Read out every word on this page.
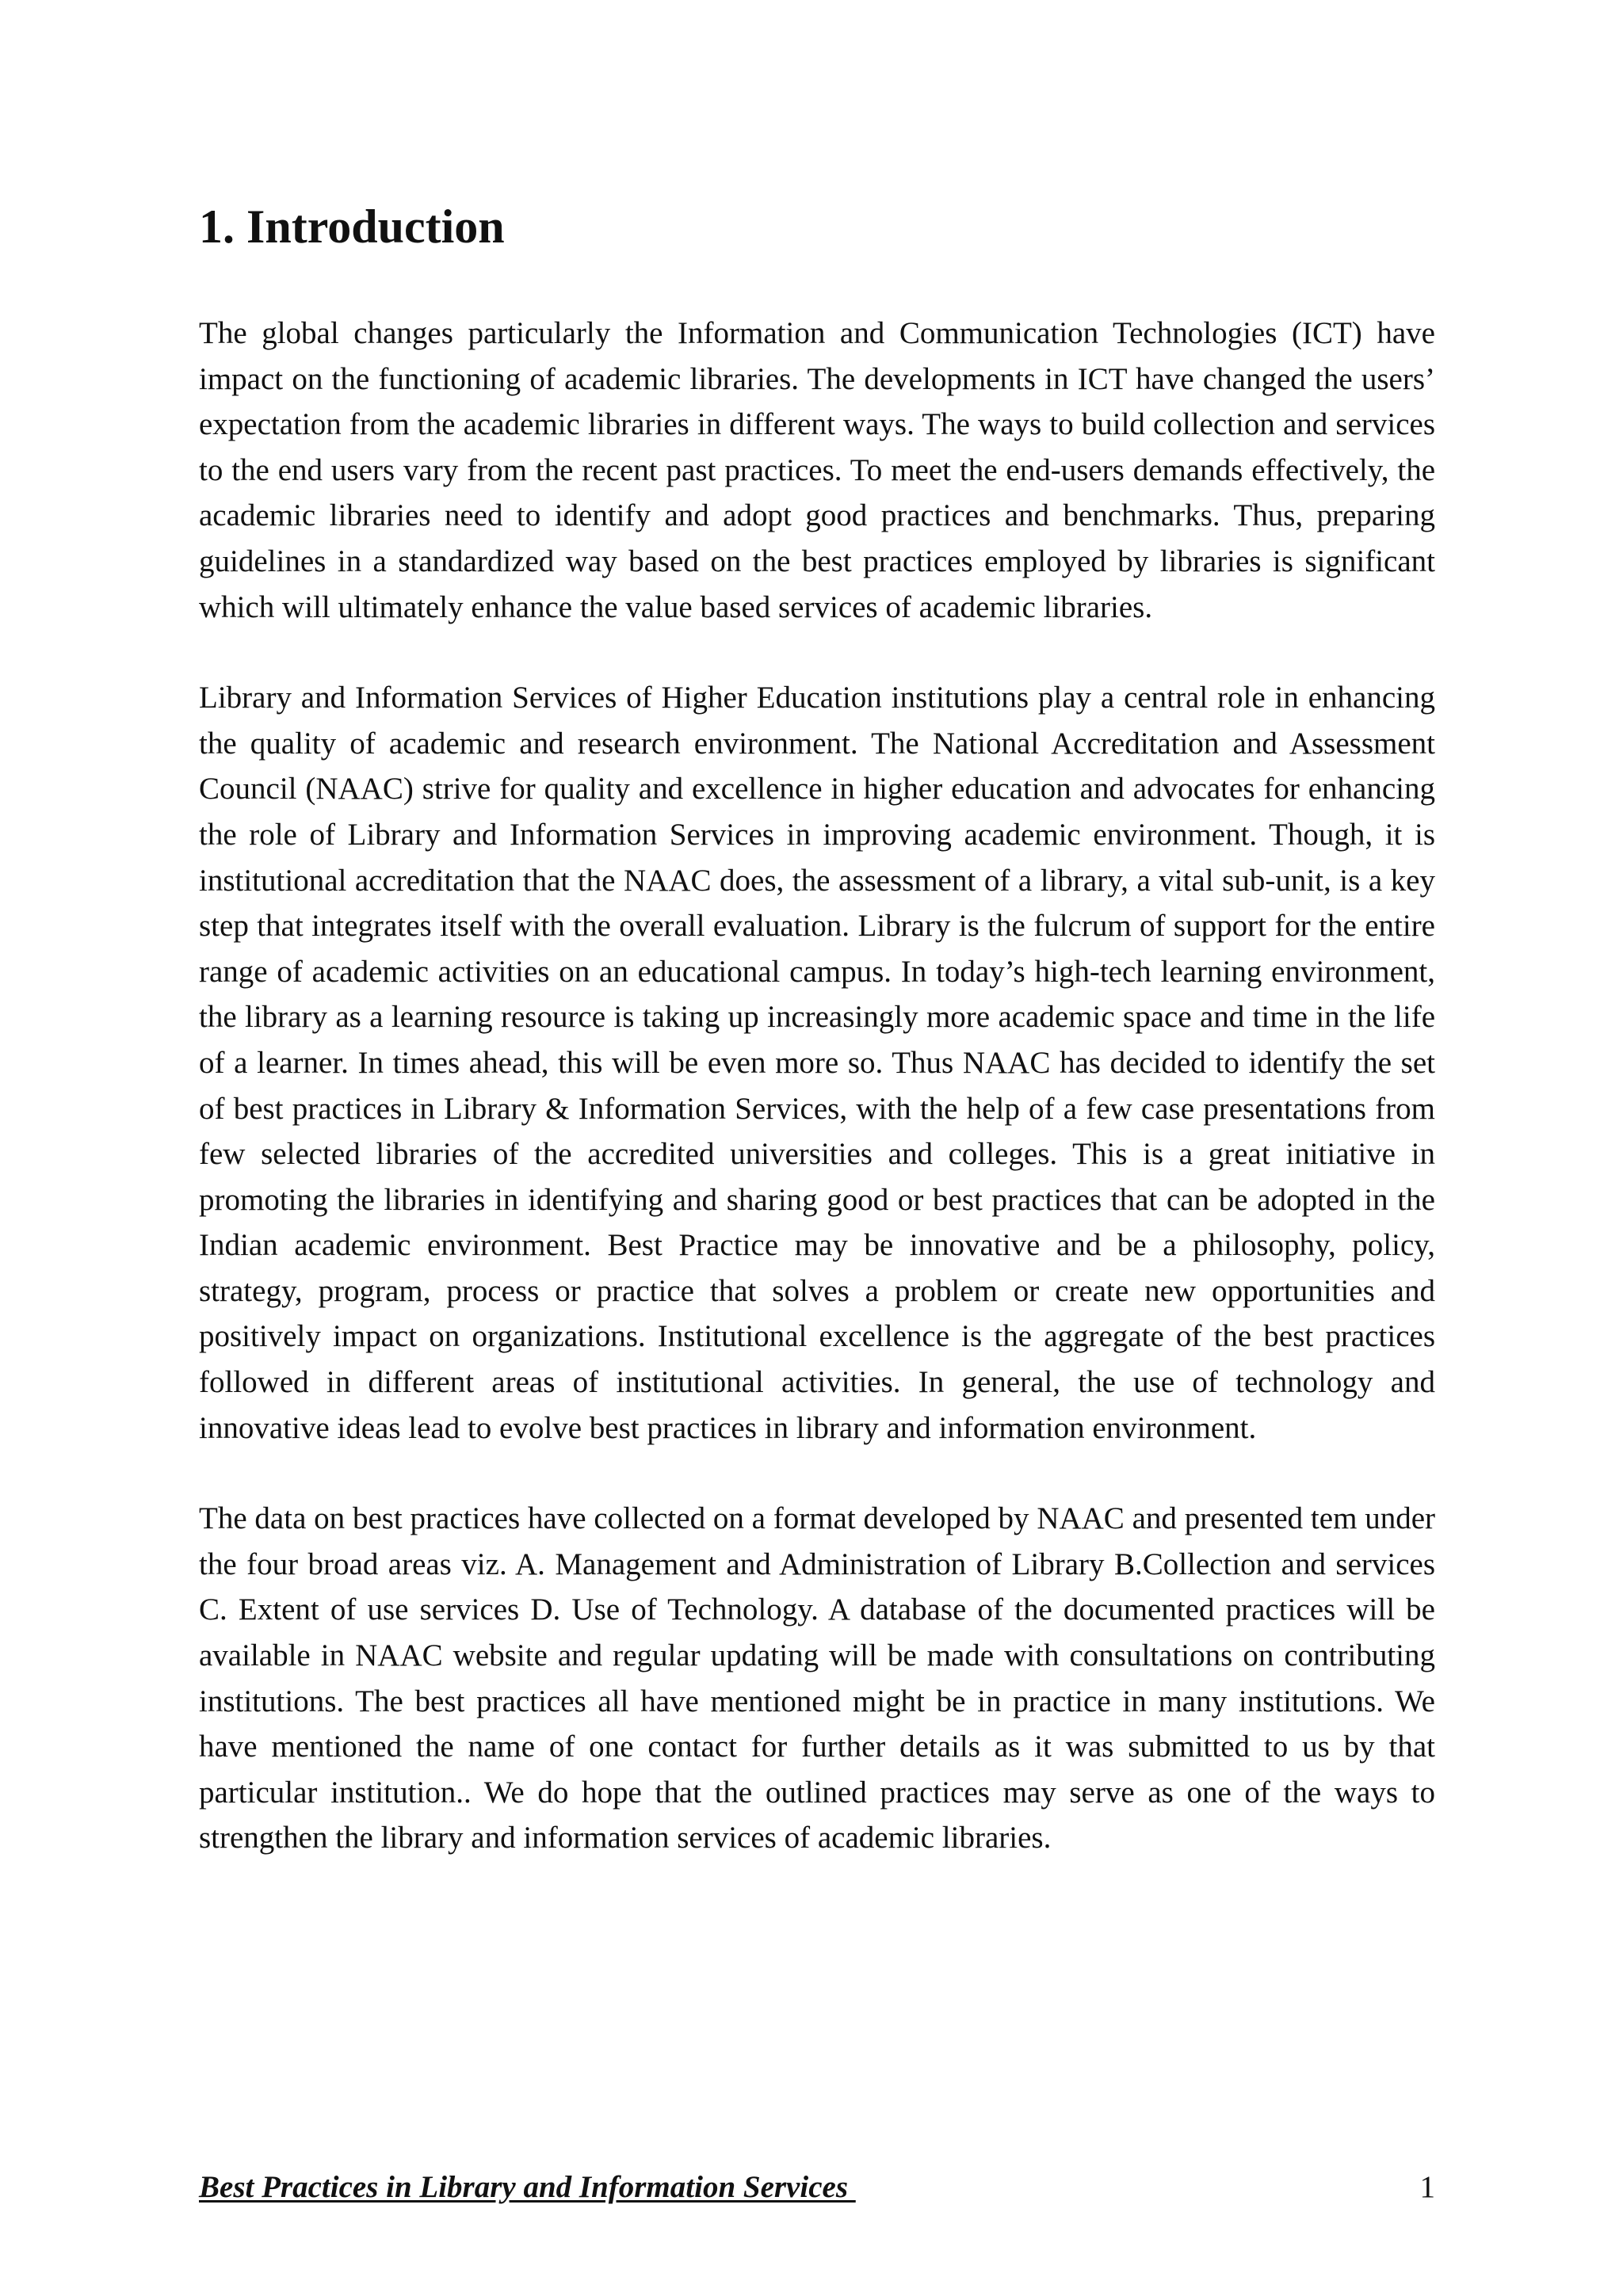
1. Introduction

The global changes particularly the Information and Communication Technologies (ICT) have impact on the functioning of academic libraries. The developments in ICT have changed the users’ expectation from the academic libraries in different ways. The ways to build collection and services to the end users vary from the recent past practices. To meet the end-users demands effectively, the academic libraries need to identify and adopt good practices and benchmarks. Thus, preparing guidelines in a standardized way based on the best practices employed by libraries is significant which will ultimately enhance the value based services of academic libraries.

Library and Information Services of Higher Education institutions play a central role in enhancing the quality of academic and research environment. The National Accreditation and Assessment Council (NAAC) strive for quality and excellence in higher education and advocates for enhancing the role of Library and Information Services in improving academic environment. Though, it is institutional accreditation that the NAAC does, the assessment of a library, a vital sub-unit, is a key step that integrates itself with the overall evaluation. Library is the fulcrum of support for the entire range of academic activities on an educational campus. In today’s high-tech learning environment, the library as a learning resource is taking up increasingly more academic space and time in the life of a learner. In times ahead, this will be even more so. Thus NAAC has decided to identify the set of best practices in Library & Information Services, with the help of a few case presentations from few selected libraries of the accredited universities and colleges. This is a great initiative in promoting the libraries in identifying and sharing good or best practices that can be adopted in the Indian academic environment. Best Practice may be innovative and be a philosophy, policy, strategy, program, process or practice that solves a problem or create new opportunities and positively impact on organizations. Institutional excellence is the aggregate of the best practices followed in different areas of institutional activities. In general, the use of technology and innovative ideas lead to evolve best practices in library and information environment.

The data on best practices have collected on a format developed by NAAC and presented tem under the four broad areas viz. A. Management and Administration of Library B.Collection and services C. Extent of use services D. Use of Technology. A database of the documented practices will be available in NAAC website and regular updating will be made with consultations on contributing institutions. The best practices all have mentioned might be in practice in many institutions. We have mentioned the name of one contact for further details as it was submitted to us by that particular institution.. We do hope that the outlined practices may serve as one of the ways to strengthen the library and information services of academic libraries.

Best Practices in Library and Information Services	1
